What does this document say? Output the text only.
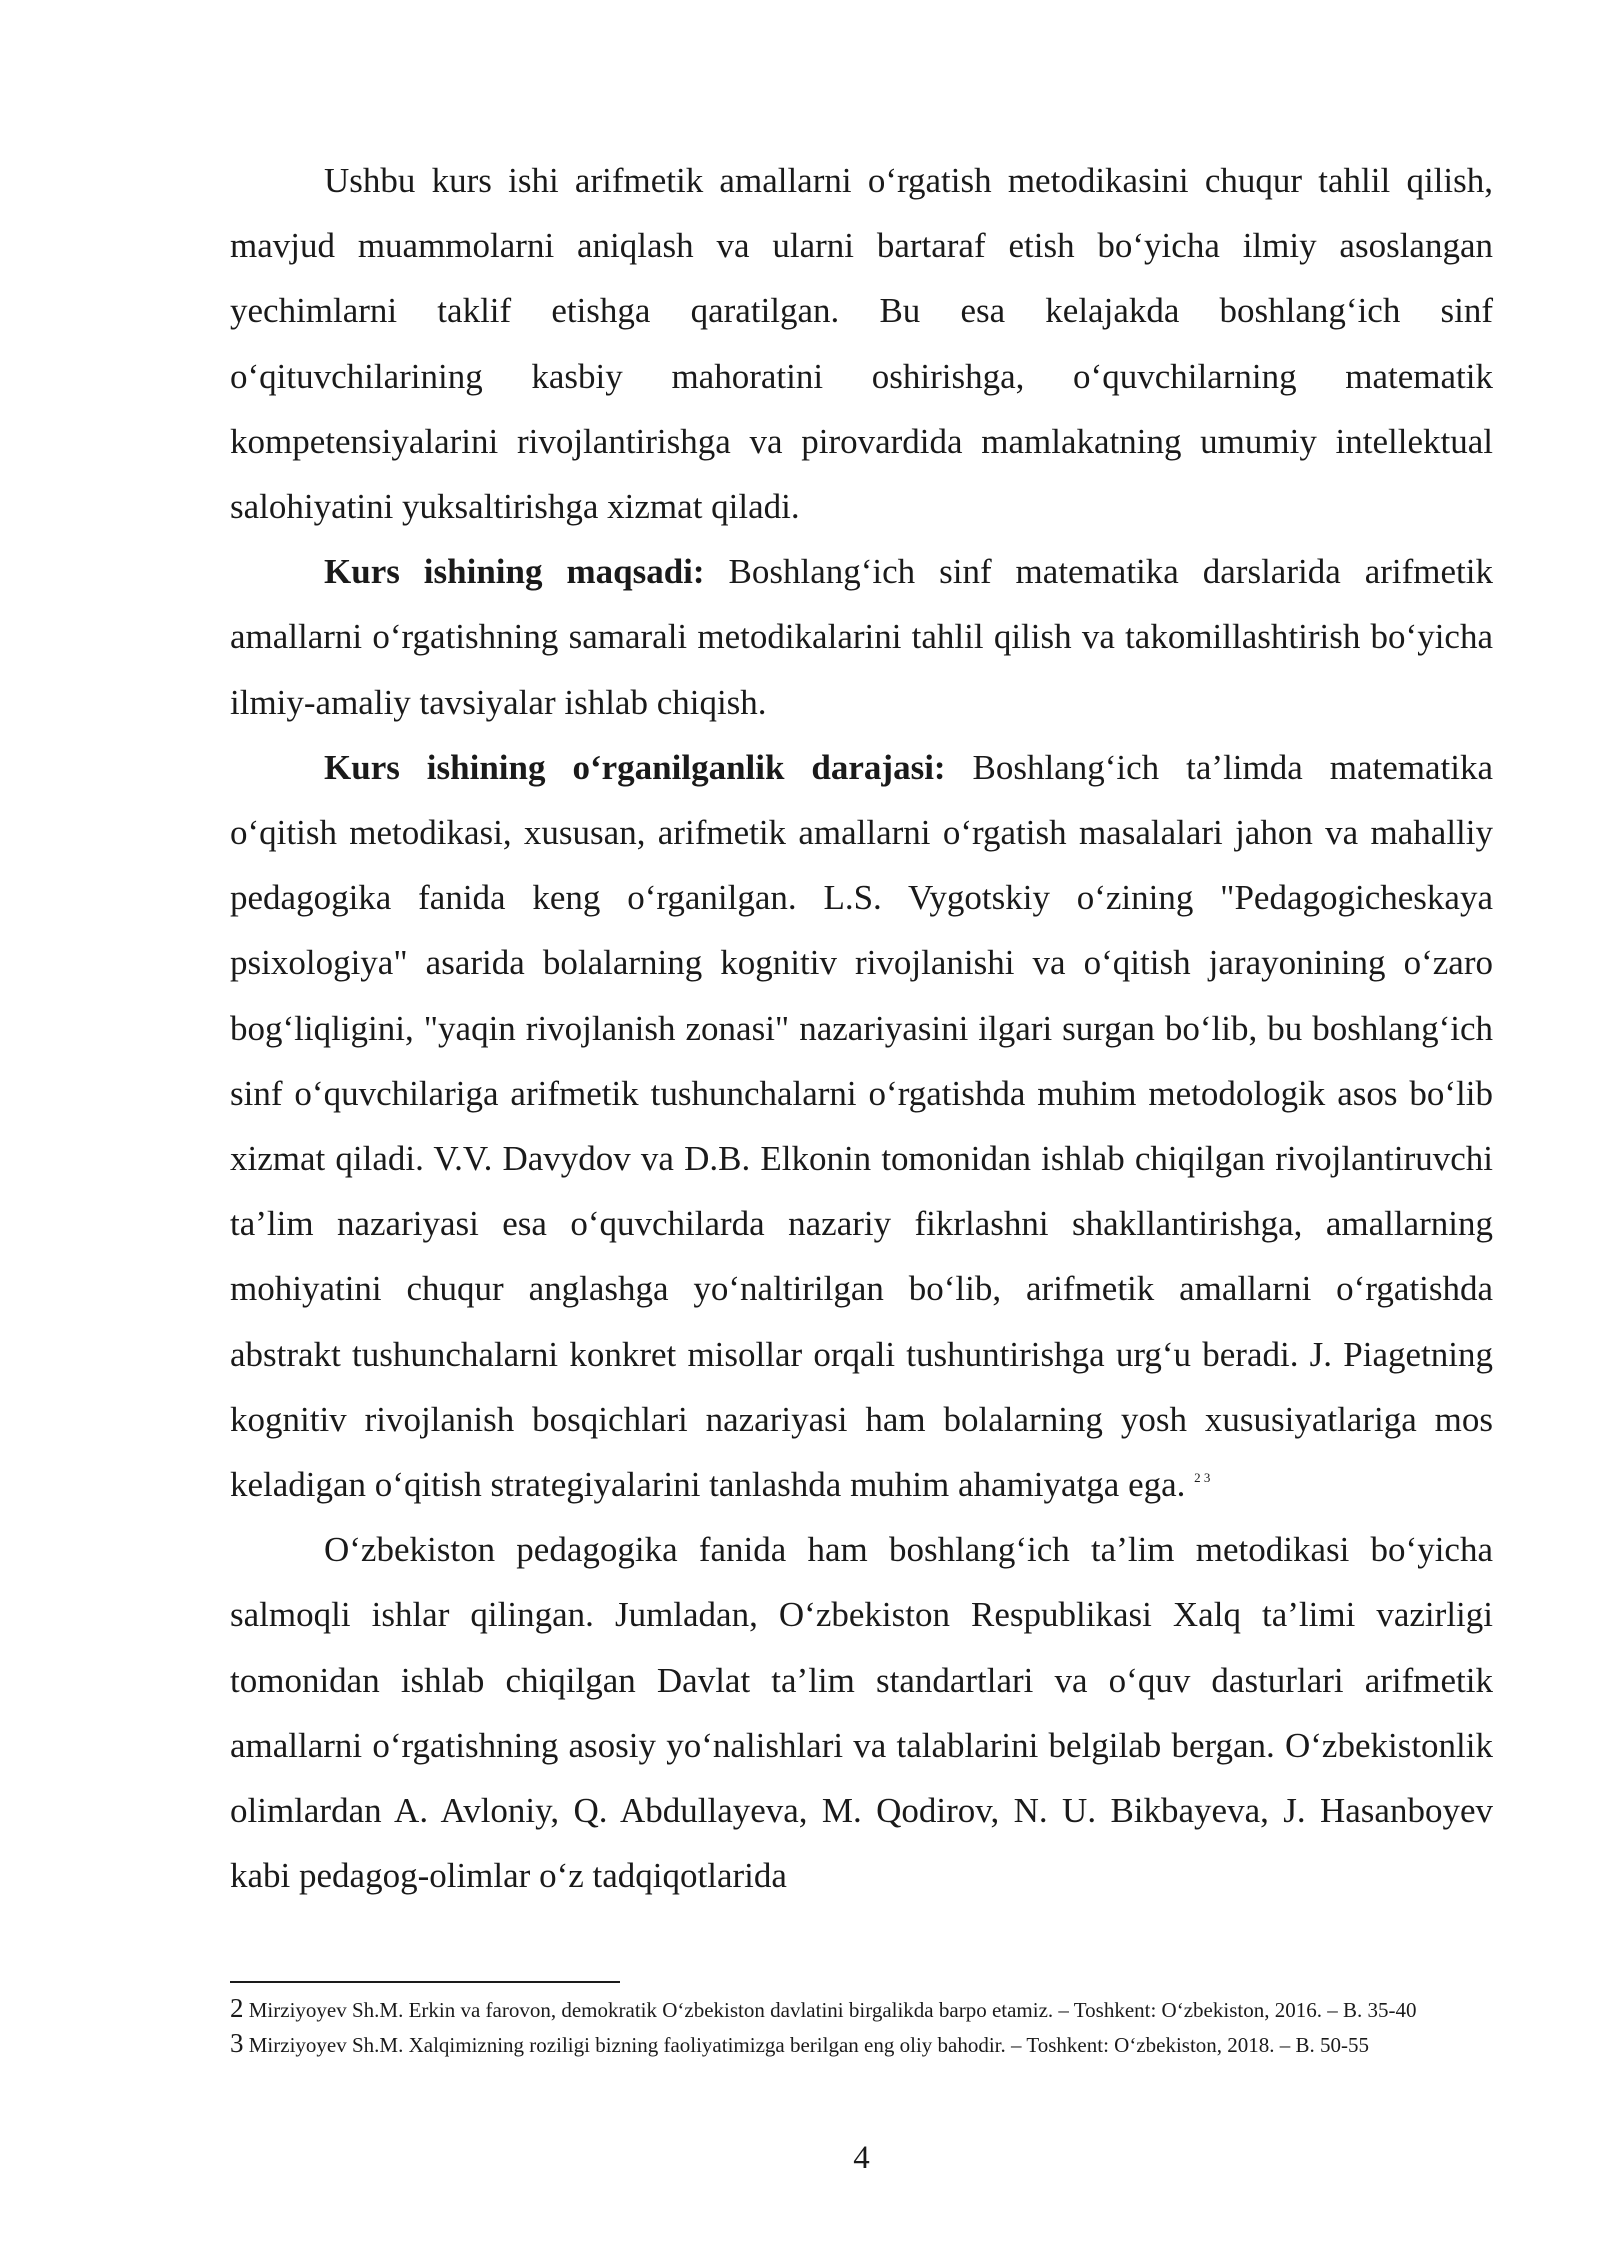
Ushbu kurs ishi arifmetik amallarni o‘rgatish metodikasini chuqur tahlil qilish, mavjud muammolarni aniqlash va ularni bartaraf etish bo‘yicha ilmiy asoslangan yechimlarni taklif etishga qaratilgan. Bu esa kelajakda boshlang‘ich sinf o‘qituvchilarining kasbiy mahoratini oshirishga, o‘quvchilarning matematik kompetensiyalarini rivojlantirishga va pirovardida mamlakatning umumiy intellektual salohiyatini yuksaltirishga xizmat qiladi.

Kurs ishining maqsadi: Boshlang‘ich sinf matematika darslarida arifmetik amallarni o‘rgatishning samarali metodikalarini tahlil qilish va takomillashtirish bo‘yicha ilmiy-amaliy tavsiyalar ishlab chiqish.

Kurs ishining o‘rganilganlik darajasi: Boshlang‘ich ta’limda matematika o‘qitish metodikasi, xususan, arifmetik amallarni o‘rgatish masalalari jahon va mahalliy pedagogika fanida keng o‘rganilgan. L.S. Vygotskiy o‘zining "Pedagogicheskaya psixologiya" asarida bolalarning kognitiv rivojlanishi va o‘qitish jarayonining o‘zaro bog‘liqligini, "yaqin rivojlanish zonasi" nazariyasini ilgari surgan bo‘lib, bu boshlang‘ich sinf o‘quvchilariga arifmetik tushunchalarni o‘rgatishda muhim metodologik asos bo‘lib xizmat qiladi. V.V. Davydov va D.B. Elkonin tomonidan ishlab chiqilgan rivojlantiruvchi ta’lim nazariyasi esa o‘quvchilarda nazariy fikrlashni shakllantirishga, amallarning mohiyatini chuqur anglashga yo‘naltirilgan bo‘lib, arifmetik amallarni o‘rgatishda abstrakt tushunchalarni konkret misollar orqali tushuntirishga urg‘u beradi. J. Piagetning kognitiv rivojlanish bosqichlari nazariyasi ham bolalarning yosh xususiyatlariga mos keladigan o‘qitish strategiyalarini tanlashda muhim ahamiyatga ega. $^{2 3}$

O‘zbekiston pedagogika fanida ham boshlang‘ich ta’lim metodikasi bo‘yicha salmoqli ishlar qilingan. Jumladan, O‘zbekiston Respublikasi Xalq ta’limi vazirligi tomonidan ishlab chiqilgan Davlat ta’lim standartlari va o‘quv dasturlari arifmetik amallarni o‘rgatishning asosiy yo‘nalishlari va talablarini belgilab bergan. O‘zbekistonlik olimlardan A. Avloniy, Q. Abdullayeva, M. Qodirov, N. U. Bikbayeva, J. Hasanboyev kabi pedagog-olimlar o‘z tadqiqotlarida

2 Mirziyoyev Sh.M. Erkin va farovon, demokratik O‘zbekiston davlatini birgalikda barpo etamiz. – Toshkent: O‘zbekiston, 2016. – B. 35-40

3 Mirziyoyev Sh.M. Xalqimizning roziligi bizning faoliyatimizga berilgan eng oliy bahodir. – Toshkent: O‘zbekiston, 2018. – B. 50-55

4
